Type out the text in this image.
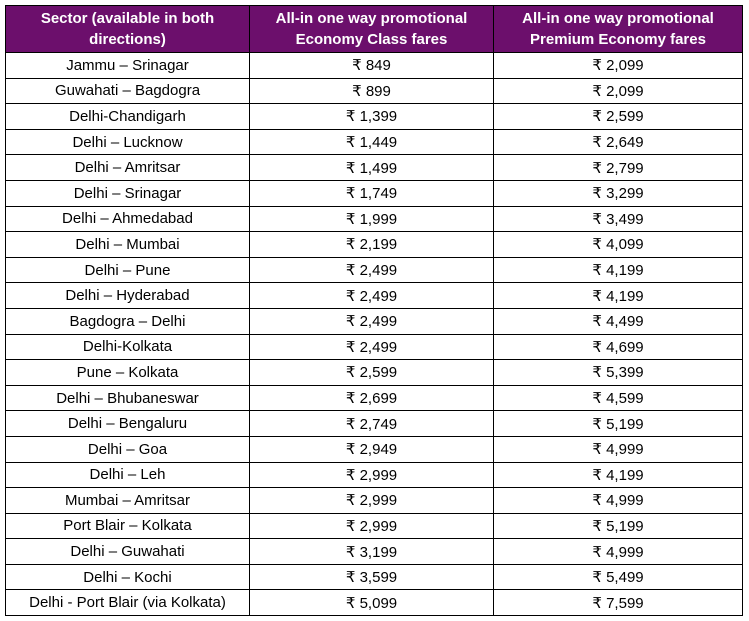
Sector (available in both directions)	All-in one way promotional Economy Class fares	All-in one way promotional Premium Economy fares
Jammu – Srinagar	₹ 849	₹ 2,099
Guwahati – Bagdogra	₹ 899	₹ 2,099
Delhi-Chandigarh	₹ 1,399	₹ 2,599
Delhi – Lucknow	₹ 1,449	₹ 2,649
Delhi – Amritsar	₹ 1,499	₹ 2,799
Delhi – Srinagar	₹ 1,749	₹ 3,299
Delhi – Ahmedabad	₹ 1,999	₹ 3,499
Delhi – Mumbai	₹ 2,199	₹ 4,099
Delhi – Pune	₹ 2,499	₹ 4,199
Delhi – Hyderabad	₹ 2,499	₹ 4,199
Bagdogra – Delhi	₹ 2,499	₹ 4,499
Delhi-Kolkata	₹ 2,499	₹ 4,699
Pune – Kolkata	₹ 2,599	₹ 5,399
Delhi – Bhubaneswar	₹ 2,699	₹ 4,599
Delhi – Bengaluru	₹ 2,749	₹ 5,199
Delhi – Goa	₹ 2,949	₹ 4,999
Delhi – Leh	₹ 2,999	₹ 4,199
Mumbai – Amritsar	₹ 2,999	₹ 4,999
Port Blair – Kolkata	₹ 2,999	₹ 5,199
Delhi – Guwahati	₹ 3,199	₹ 4,999
Delhi – Kochi	₹ 3,599	₹ 5,499
Delhi - Port Blair (via Kolkata)	₹ 5,099	₹ 7,599
